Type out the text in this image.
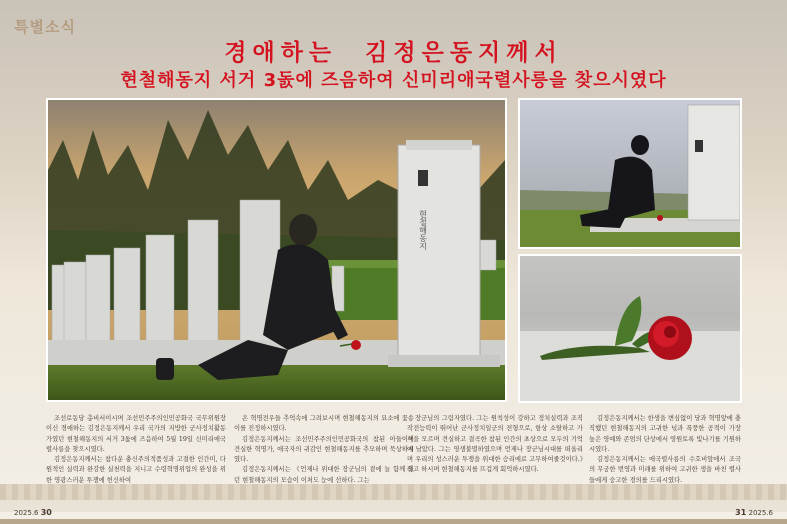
특별소식
경애하는  김정은동지께서
현철해동지 서거 3돐에 즈음하여 신미리애국렬사릉을 찾으시였다
현철해동지

조선로동당 총비서이시며 조선민주주의인민공화국 국무위원장이신 경애하는 김정은동지께서 우리 국가의 지방한 군사정치활동가였던 현철해동지의 서거 3돐에 즈음하여 5월 19일 신미리애국렬사릉을 찾으시였다.

김정은동지께서는 참다운 충신주의적품성과 고결한 인간미, 다원적인 실력과 완강한 실천력을 지니고 수령혁명위업의 완성을 위한 영광스러운 투쟁에 헌신하여

온 혁명전우들 추억속에 그려보시며 현철해동지의 묘소에 꽃송이를 진정하시였다.

김정은동지께서는 조선민주주의인민공화국의 참된 아들이며 견실한 혁명가, 애국자의 귀감인 현철해동지를 추모하며 묵상하시였다.

김정은동지께서는 《언제나 위대한 장군님의 곁에 늘 함께 있던 현철해동지의 모습이 이처도 눈에 선하다. 그는

장군님의 그림자였다. 그는 원칙성이 강하고 정치실력과 조직작전능력이 뛰어난 군사정치일군의 전형으로, 항상 소탈하고 가식을 모르며 견실하고 결곡한 참된 인간의 초상으로 모두의 기억에 남았다. 그는 영생불멸하였으며 언제나 장군님시대를 떠올리며 우리의 성스러운 투쟁을 위대한 승리에로 고무하여줄것이다.》라고 하시며 현철해동지를 뜨겁게 회억하시였다.

김정은동지께서는 한생을 변심없이 당과 혁명앞에 충직했던 현철해동지의 고귀한 넋과 폭풍한 공적이 가장 높은 영예와 존엄의 단상에서 영원토록 빛나기를 기원하시였다.

김정은동지께서는 애국렬사릉의 수호비앞에서 조국의 무궁한 번영과 미래를 위하여 고귀한 생을 바친 렬사들에게 숭고한 경의를 드리시였다.

2025.6 30	31 2025.6
